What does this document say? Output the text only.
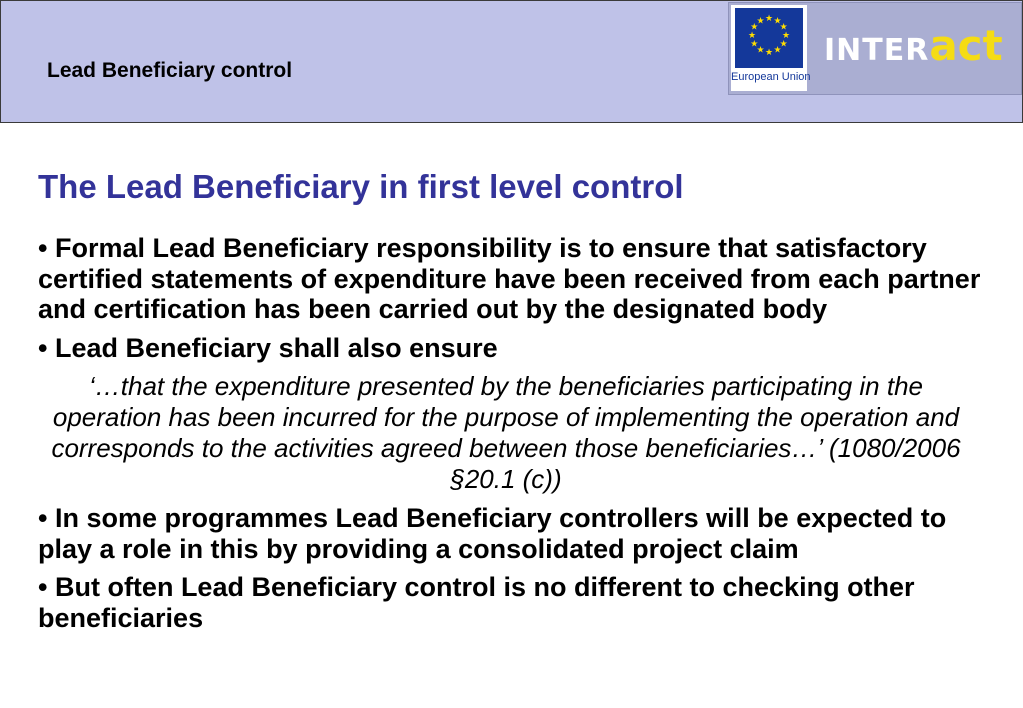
Lead Beneficiary control
★ ★
★
★
★
★
★
★
★
★
★
★
European Union
INTERact
The Lead Beneficiary in first level control

• Formal Lead Beneficiary responsibility is to ensure that satisfactory certified statements of expenditure have been received from each partner and certification has been carried out by the designated body

• Lead Beneficiary shall also ensure

‘…that the expenditure presented by the beneficiaries participating in the operation has been incurred for the purpose of implementing the operation and corresponds to the activities agreed between those beneficiaries…’ (1080/2006 §20.1 (c))

• In some programmes Lead Beneficiary controllers will be expected to play a role in this by providing a consolidated project claim

• But often Lead Beneficiary control is no different to checking other beneficiaries
